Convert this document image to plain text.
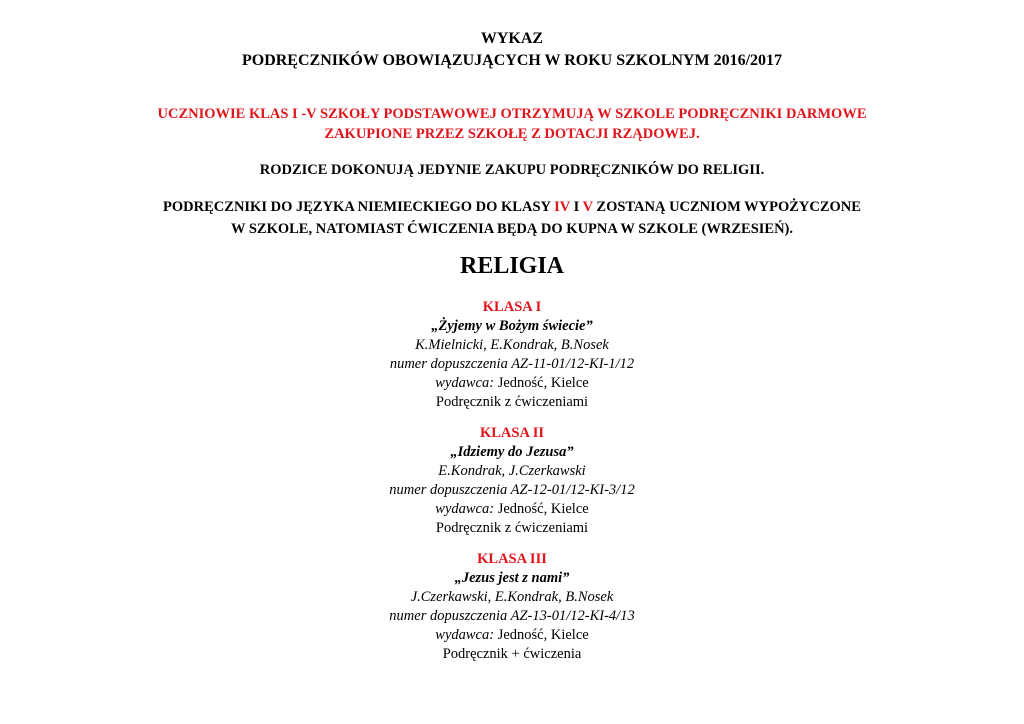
WYKAZ

PODRĘCZNIKÓW OBOWIĄZUJĄCYCH W ROKU SZKOLNYM 2016/2017

UCZNIOWIE KLAS I -V SZKOŁY PODSTAWOWEJ OTRZYMUJĄ W SZKOLE PODRĘCZNIKI DARMOWE

ZAKUPIONE PRZEZ SZKOŁĘ Z DOTACJI RZĄDOWEJ.

RODZICE DOKONUJĄ JEDYNIE ZAKUPU PODRĘCZNIKÓW DO RELIGII.

PODRĘCZNIKI DO JĘZYKA NIEMIECKIEGO DO KLASY IV I V ZOSTANĄ UCZNIOM WYPOŻYCZONE

W SZKOLE, NATOMIAST ĆWICZENIA BĘDĄ DO KUPNA W SZKOLE (WRZESIEŃ).

RELIGIA

KLASA I

„Żyjemy w Bożym świecie”

K.Mielnicki, E.Kondrak, B.Nosek

numer dopuszczenia AZ-11-01/12-KI-1/12

wydawca: Jedność, Kielce

Podręcznik z ćwiczeniami

KLASA II

„Idziemy do Jezusa”

E.Kondrak, J.Czerkawski

numer dopuszczenia AZ-12-01/12-KI-3/12

wydawca: Jedność, Kielce

Podręcznik z ćwiczeniami

KLASA III

„Jezus jest z nami”

J.Czerkawski, E.Kondrak, B.Nosek

numer dopuszczenia AZ-13-01/12-KI-4/13

wydawca: Jedność, Kielce

Podręcznik + ćwiczenia
